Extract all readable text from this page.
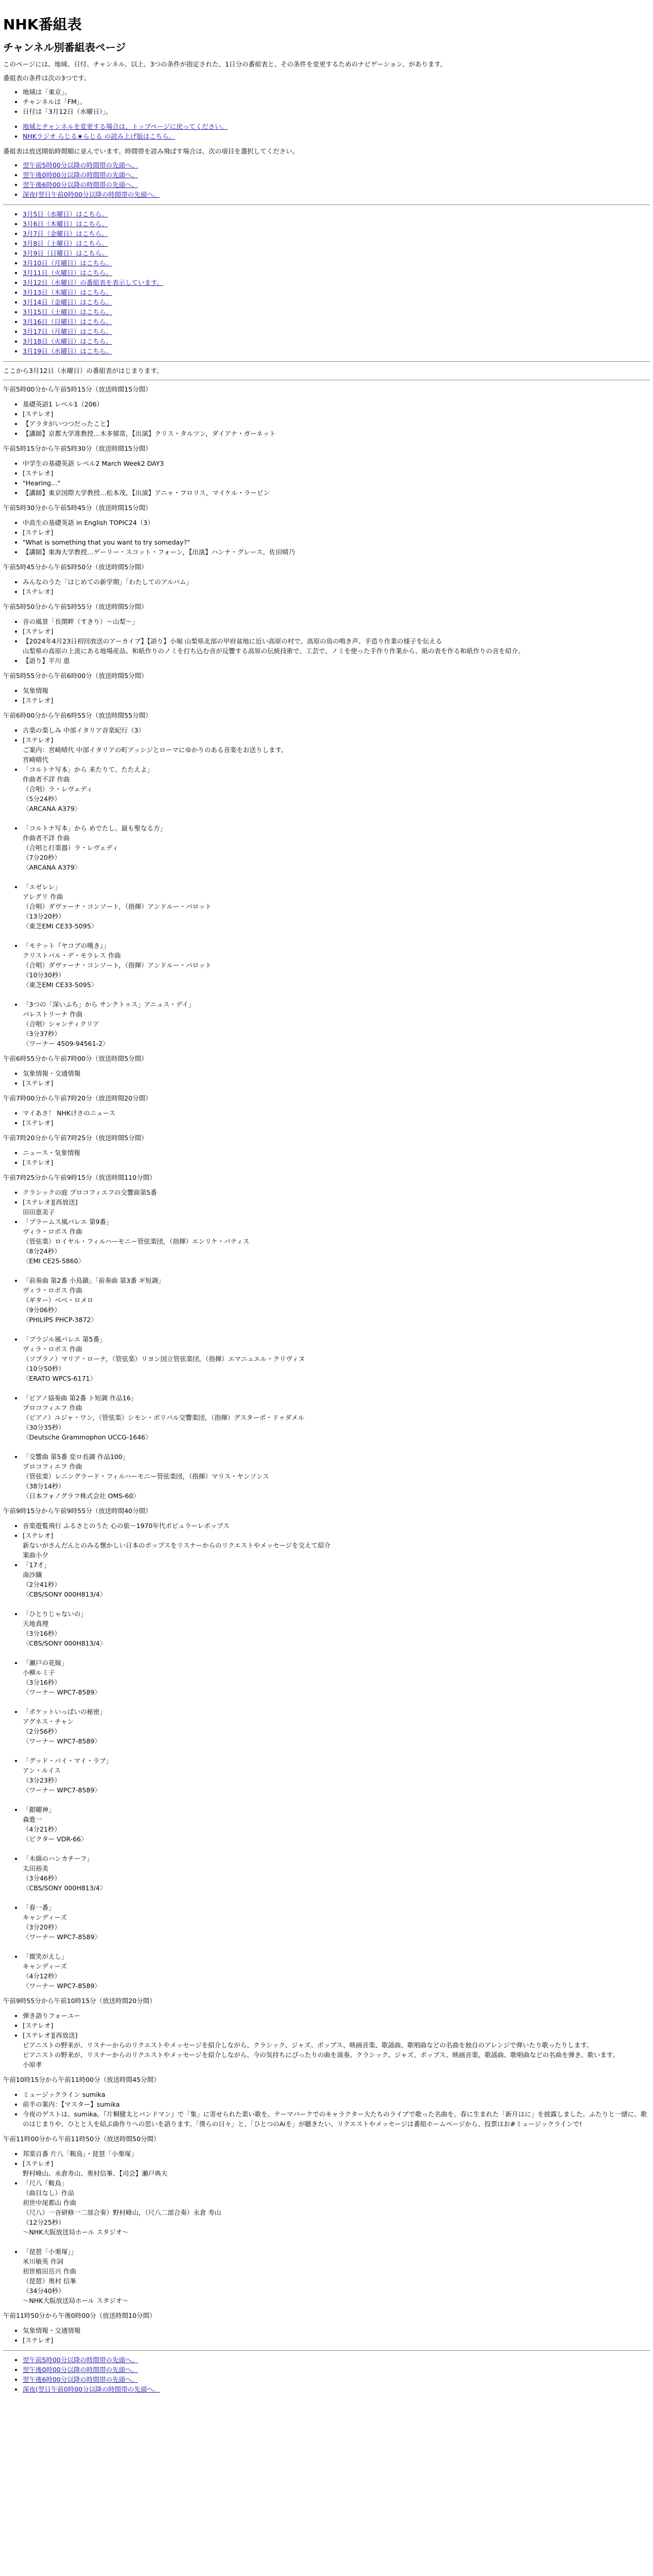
NHK番組表
チャンネル別番組表ページ

このページには、地域、日付、チャンネル、以上、3つの条件が指定された、1日分の番組表と、その条件を変更するためのナビゲーション、があります。

番組表の条件は次の3つです。

• 地域は「東京」。
• チャンネルは「FM」。
• 日付は「3月12日（水曜日）」。
• 地域とチャンネルを変更する場合は、トップページに戻ってください。
• NHKラジオ らじる★らじる の読み上げ版はこちら。

番組表は放送開始時間順に並んでいます。時間帯を読み飛ばす場合は、次の項目を選択してください。

• 翌午前5時00分以降の時間帯の先頭へ。
• 翌午後0時00分以降の時間帯の先頭へ。
• 翌午後6時00分以降の時間帯の先頭へ。
• 深夜(翌日午前0時00分以降の時間帯の先頭へ。
• 3月5日（水曜日）はこちら。
• 3月6日（木曜日）はこちら。
• 3月7日（金曜日）はこちら。
• 3月8日（土曜日）はこちら。
• 3月9日（日曜日）はこちら。
• 3月10日（月曜日）はこちら。
• 3月11日（火曜日）はこちら。
• 3月12日（水曜日）の番組表を表示しています。
• 3月13日（木曜日）はこちら。
• 3月14日（金曜日）はこちら。
• 3月15日（土曜日）はこちら。
• 3月16日（日曜日）はこちら。
• 3月17日（月曜日）はこちら。
• 3月18日（火曜日）はこちら。
• 3月19日（水曜日）はこちら。

ここから3月12日（水曜日）の番組表がはじまります。

午前5時00分から午前5時15分（放送時間15分間）
• 基礎英語1 レベル1（206）
• [ステレオ]
• 【アラタがいつつだったこと】
• 【講師】京都大学准教授…木多郁常，【出演】クリス・タルツン，ダイアナ・ガーネット
午前5時15分から午前5時30分（放送時間15分間）
• 中学生の基礎英語 レベル2 March Week2 DAY3
• [ステレオ]
• "Hearing…"
• 【講師】東京国際大学教授…松本茂，【出演】アニャ・フロリス，マイケル・ラービン
午前5時30分から午前5時45分（放送時間15分間）
• 中高生の基礎英語 in English TOPIC24（3）
• [ステレオ]
• "What is something that you want to try someday?"
• 【講師】東海大学教授…ゲーリー・スコット・フォーン，【出演】ハンナ・グレース，佐田晴乃
午前5時45分から午前5時50分（放送時間5分間）
• みんなのうた「はじめての新学期」「わたしてのアルバム」
• [ステレオ]
午前5時50分から午前5時55分（放送時間5分間）
• 音の風景「長閑畔（すきり）〜山梨〜」
• [ステレオ]
• 【2024年4月23日初回放送のアーカイブ】【語り】小堀 山梨県北部の甲府盆地に近い高原の村で。高原の鳥の鳴き声、手造り作業の様子を伝える
山梨県の高原の上流にある地場産品、和紙作りのノミを打ち込む音が反響する高原の伝統技術で、工芸で、ノミを使った手作り作業から、紙の表を作る和紙作りの音を紹介。
• 【語り】平川 恵
午前5時55分から午前6時00分（放送時間5分間）
• 気象情報
• [ステレオ]
午前6時00分から午前6時55分（放送時間55分間）
• 古楽の楽しみ 中部イタリア音楽紀行（3）
• [ステレオ]
ご案内：宮崎晴代 中部イタリアの町アッシジとローマにゆかりのある音楽をお送りします。
宮崎晴代
• 「コルトナ写本」から 来たりて、たたえよ」
作曲者不詳 作曲
（合唱）ラ・レヴェディ
（5分24秒）
〈ARCANA A379〉

• 「コルトナ写本」から めでたし、最も聖なる方」
作曲者不詳 作曲
（合唱と打楽器）ラ・レヴェディ
（7分20秒）
〈ARCANA A379〉

• 「エゼレレ」
アレグリ 作曲
（合唱）ダヴァーナ・コンソート，（指揮）アンドルー・パロット
（13分20秒）
〈東芝EMI CE33-5095〉

• 「モテット『ヤコブの嘆き』」
クリストバル・デ・モラレス 作曲
（合唱）ダヴァーナ・コンソート，（指揮）アンドルー・パロット
（10分30秒）
〈東芝EMI CE33-5095〉

• 「3つの「深いふち」から サンクトゥス」アニュス・デイ」
パレストリーナ 作曲
（合唱）シャンティクリア
（3分37秒）
〈ワーナー 4509-94561-2〉
午前6時55分から午前7時00分（放送時間5分間）
• 気象情報・交通情報
• [ステレオ]
午前7時00分から午前7時20分（放送時間20分間）
• マイあさ！ NHKけさのニュース
• [ステレオ]
午前7時20分から午前7時25分（放送時間5分間）
• ニュース・気象情報
• [ステレオ]
午前7時25分から午前9時15分（放送時間110分間）
• クラシックの庭 プロコフィエフの交響曲第5番
• [ステレオ][再放送]
田田恵美子
• 「ブラームス風バレエ 第9番」
ヴィラ・ロボス 作曲
（管弦楽）ロイヤル・フィルハーモニー管弦楽団，（指揮）エンリケ・バティス
（8分24秒）
〈EMI CE25-5860〉

• 「前奏曲 第2番 小鳥鎮」「前奏曲 第3番 ギ短調」
ヴィラ・ロボス 作曲
（ギター）ベベ・ロメロ
（9分06秒）
〈PHILIPS PHCP-3872〉

• 「ブラジル風バレエ 第5番」
ヴィラ・ロボス 作曲
（ソプラノ）マリア・ローナ，（管弦楽）リヨン国立管弦楽団，（指揮）エマニュエル・クリヴィヌ
（10分50秒）
〈ERATO WPCS-6171〉

• 「ピアノ協奏曲 第2番 ト短調 作品16」
プロコフィエフ 作曲
（ピアノ）ユジャ・ワン，（管弦楽）シモン・ボリバル交響楽団，（指揮）グスターボ・ドゥダメル
（30分35秒）
〈Deutsche Grammophon UCCG-1646〉

• 「交響曲 第5番 変ロ長調 作品100」
プロコフィエフ 作曲
（管弦楽）レニングラード・フィルハーモニー管弦楽団，（指揮）マリス・ヤンソンス
（38分14秒）
〈日本フォノグラフ株式会社 OMS-60〉
午前9時15分から午前9時55分（放送時間40分間）
• 音楽遊覧飛行 ふるさとのうた 心の旅〜1970年代ポピュラーレポップス
• [ステレオ]
新ないがさんだんとのみる懐かしい日本のポップスをリスナーからのリクエストやメッセージを交えて紹介
案曲小夕
• 「17才」
南沙織
（2分41秒）
〈CBS/SONY 000H813/4〉

• 「ひとりじゃないの」
天地真理
（3分16秒）
〈CBS/SONY 000H813/4〉

• 「瀬戸の花嫁」
小柳ルミ子
（3分16秒）
〈ワーナー WPC7-8589〉

• 「ポケットいっぱいの秘密」
アグネス・チャン
（2分56秒）
〈ワーナー WPC7-8589〉

• 「グッド・バイ・マイ・ラブ」
アン・ルイス
（3分23秒）
〈ワーナー WPC7-8589〉

• 「銀曜神」
森進一
（4分21秒）
〈ビクター VDR-66〉

• 「木綿のハンカチーフ」
太田裕美
（3分46秒）
〈CBS/SONY 000H813/4〉

• 「春一番」
キャンディーズ
（3分20秒）
〈ワーナー WPC7-8589〉

• 「微笑がえし」
キャンディーズ
（4分12秒）
〈ワーナー WPC7-8589〉
午前9時55分から午前10時15分（放送時間20分間）
• 弾き語りフォーユー
• [ステレオ]
• [ステレオ][再放送]
ピアニストの野来が、リスナーからのリクエストやメッセージを紹介しながら、クラシック、ジャズ、ポップス、映画音楽、歌謡曲、歌唱曲などの名曲を独自のアレンジで弾いたり歌ったりします。
ピアニストの野来が、リスナーからのリクエストやメッセージを紹介しながら、今の気持ちにぴったりの曲を演奏、クラシック、ジャズ、ポップス、映画音楽、歌謡曲、歌唱曲などの名曲を弾き、歌います。
小原孝
午前10時15分から午前11時00分（放送時間45分間）
• ミュージックライン sumika
• 前半の案内：【マスター】sumika
• 今夜のゲストは、sumika。『片桐健太とバンドマン』で「集」に寄せられた楽い歌を、テーマパークでのキャラクター大たちのライブで歌った名曲を。春に生まれた「新月はに」を披露しました。ふたりと一緒に、歌のはじまりや、ひとと人を結ぶ曲作りへの思いを語ります。「僕らの日々」と、「ひとつのAiを」が聴きたい、リクエストやメッセージは番組ホームページから、投票はお#ミュージックラインで!
午前11時00分から午前11時50分（放送時間50分間）
• 邦楽百番 片八「鞍鳥」・琵琶「小栗塚」
• [ステレオ]
野村峰山、永倉寿山、奥村信峯、【司会】瀬戸典夫
• 「尺八「鞍鳥」
（曲目なし）作品
初世中尾都山 作曲
（尺八）一音研修一二部合奏）野村峰山，（尺八二部合奏）永倉 寿山
（12分25秒）
〜NHK大阪放送局ホール スタジオ〜

• 「琵琶「小栗塚」」
米川敏英 作詞
初世植田岳兴 作曲
（琵琶）奥村 信峯
（34分40秒）
〜NHK大阪放送局ホール スタジオ〜
午前11時50分から午後0時00分（放送時間10分間）
• 気象情報・交通情報
• [ステレオ]
• 翌午前5時00分以降の時間帯の先頭へ。
• 翌午後0時00分以降の時間帯の先頭へ。
• 翌午後6時00分以降の時間帯の先頭へ。
• 深夜(翌日午前0時00分以降の時間帯の先頭へ。
